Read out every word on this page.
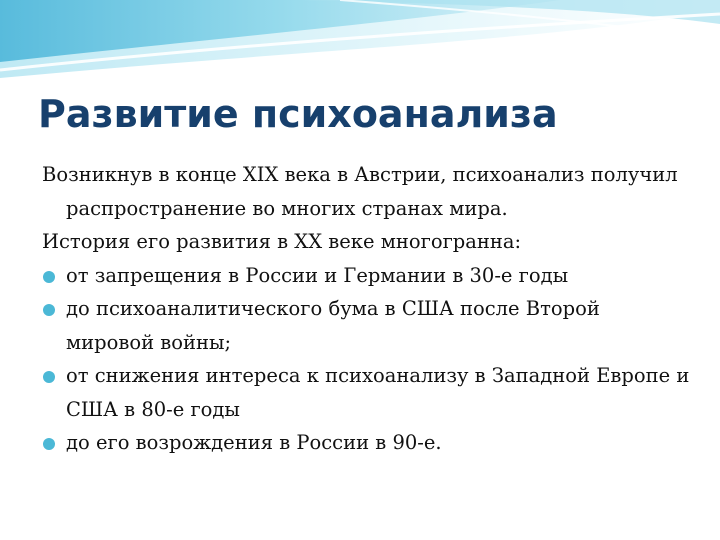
Развитие психоанализа
Возникнув в конце XIX века в Австрии, психоанализ получил распространение во многих странах мира.
История его развития в XX веке многогранна:
от запрещения в России и Германии в 30-е годы
до психоаналитического бума в США после Второй мировой войны;
от снижения интереса к психоанализу в Западной Европе и США в 80-е годы
до его возрождения в России в 90-е.
